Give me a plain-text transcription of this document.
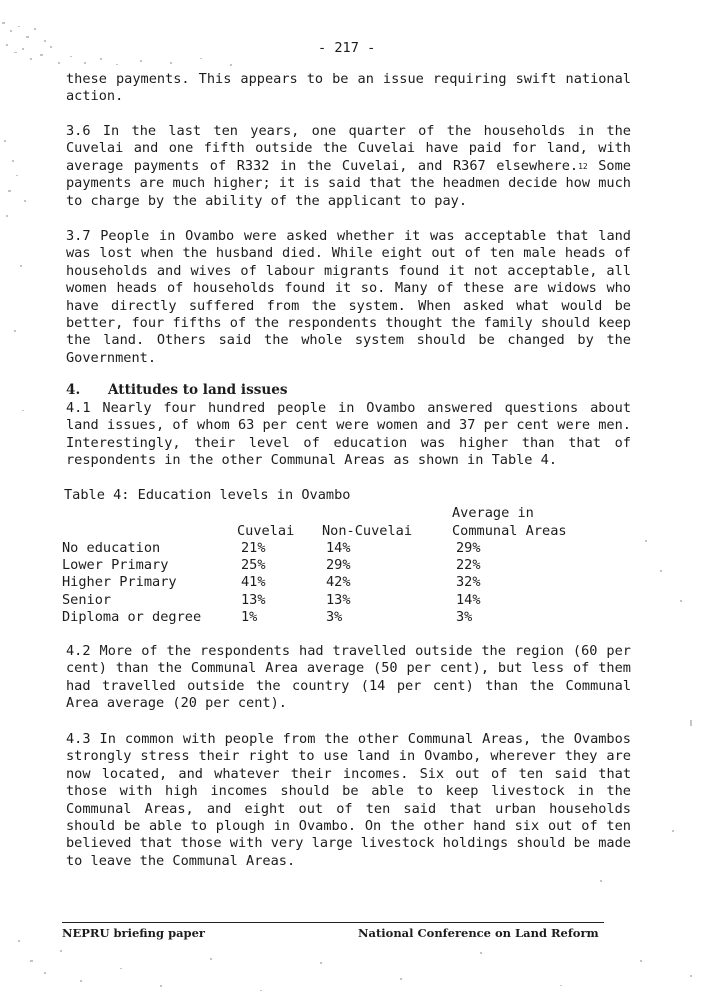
- 217 -

these payments. This appears to be an issue requiring swift national action.

3.6 In the last ten years, one quarter of the households in the Cuvelai and one fifth outside the Cuvelai have paid for land, with average payments of R332 in the Cuvelai, and R367 elsewhere.$^{12}$ Some payments are much higher; it is said that the headmen decide how much to charge by the ability of the applicant to pay.

3.7 People in Ovambo were asked whether it was acceptable that land was lost when the husband died. While eight out of ten male heads of households and wives of labour migrants found it not acceptable, all women heads of households found it so. Many of these are widows who have directly suffered from the system. When asked what would be better, four fifths of the respondents thought the family should keep the land. Others said the whole system should be changed by the Government.

4. Attitudes to land issues

4.1 Nearly four hundred people in Ovambo answered questions about land issues, of whom 63 per cent were women and 37 per cent were men. Interestingly, their level of education was higher than that of respondents in the other Communal Areas as shown in Table 4.

Table 4: Education levels in Ovambo
			Average in
	Cuvelai	Non-Cuvelai	Communal Areas
No education	21%	14%	29%
Lower Primary	25%	29%	22%
Higher Primary	41%	42%	32%
Senior	13%	13%	14%
Diploma or degree	1%	3%	3%

4.2 More of the respondents had travelled outside the region (60 per cent) than the Communal Area average (50 per cent), but less of them had travelled outside the country (14 per cent) than the Communal Area average (20 per cent).

4.3 In common with people from the other Communal Areas, the Ovambos strongly stress their right to use land in Ovambo, wherever they are now located, and whatever their incomes. Six out of ten said that those with high incomes should be able to keep livestock in the Communal Areas, and eight out of ten said that urban households should be able to plough in Ovambo. On the other hand six out of ten believed that those with very large livestock holdings should be made to leave the Communal Areas.

NEPRU briefing paper	National Conference on Land Reform
